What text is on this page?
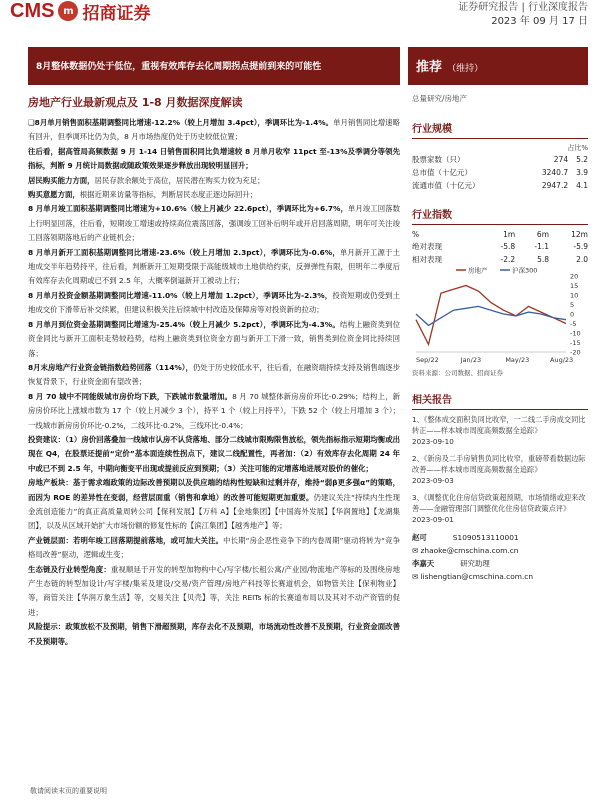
CMS m 招商证券	证券研究报告 | 行业深度报告
2023 年 09 月 17 日
8月整体数据仍处于低位，重视有效库存去化周期拐点提前到来的可能性	推荐 （维持）
房地产行业最新观点及 1-8 月数据深度解读

❑8月单月销售面积基期调整同比增速-12.2%（较上月增加 3.4pct），季调环比为-1.4%。单月销售同比增速略有回升，但季调环比仍为负，8 月市场热度仍处于历史较低位置；

往后看，据高管局高频数据 9 月 1-14 日销售面积同比负增速较 8 月单月收窄 11pct 至-13%及季调分等领先指标，判断 9 月统计局数据或随政策效果逐步释放出现较明显回升；

居民购买能力方面，居民存款余额处于高位，居民潜在购买力较为充足；

购买意愿方面，根据近期来访量等指标，判断居民态度正逐边际回升；

8 月单月竣工面积基期调整同比增速为+10.6%（较上月减少 22.6pct），季调环比为+6.7%，单月竣工回落数上行明显回落，往后看，短期竣工增速或持续高位震荡回落，强调竣工回补后明年或开启回落周期，明年可关注竣工回落领期落地后的产业链机会；

8 月单月新开工面积基期调整同比增速-23.6%（较上月增加 2.3pct），季调环比为-0.6%，单月新开工源于土地成交半年趋势持平，往后看，判断新开工短期受限于高能级城市土地供给约束，反弹弹性有限，但明年二季度后有效库存去化周期或已不到 2.5 年，大概率倒逼新开工被动上行；

8 月单月投资金额基期调整同比增速-11.0%（较上月增加 1.2pct），季调环比为-2.3%，投资短期或仍受到土地成交价下滑带后补交续累，但建议积极关注后续城中村改造及保障房等对投资新的拉动；

8 月单月到位资金基期调整同比增速为-25.4%（较上月减少 5.2pct），季调环比为-4.3%。结构上融资类到位资金同比与新开工面积走势较趋势，结构上融资类到位资金方面与新开工下滑一致，销售类到位资金同比持续回落；

8月末房地产行业资金链指数趋势回落（114%），仍处于历史较低水平，往后看，在融资端持续支持及销售端逐步恢复背景下，行业资金面有望改善；

8 月 70 城中不同能级城市房价均下跌，下跌城市数量增加。8 月 70 城整体新房房价环比-0.29%；结构上，新房房价环比上涨城市数为 17 个（较上月减少 3 个），持平 1 个（较上月持平），下跌 52 个（较上月增加 3 个）；一线城市新房房价环比-0.2%，二线环比-0.2%，三线环比-0.4%；

投资建议：（1）房价回落叠加一线城市认房不认贷落地、部分二线城市限购限售放松，领先指标指示短期均衡或出现在 Q4，在股票还提前“定价”基本面连续性拐点下，建议二线配置性，再者加：（2）有效库存去化周期 24 年中或已不到 2.5 年，中期向衡变平出现或提前反应到预期；（3）关注可能的定增落地进展对股价的催化；

房地产板块：基于需求端政策的边际改善预期以及供应端的结构性短缺和过剩并存，维持“弱β更多强α”的策略，而因为 ROE 的差异性在变弱，经营层面重（销售和拿地）的改善可能短期更加重要。仍建议关注“持续内生性现金流创造能力”的真正高质量周转公司【保利发展】【万科 A】【金地集团】【中国海外发展】【华润置地】【龙湖集团】，以及从区域开始扩大市场份额的修复性标的【滨江集团】【越秀地产】等；

产业链层面：若明年竣工回落期提前落地，或可加大关注。中长期“房企恶性竞争下的内卷周期”驱动将转为“竞争格局改善”驱动，逻辑或生变；

生态链及行业转型角度：重视顺延于开发的转型加物构中心/写字楼/长租公寓/产业园/物流地产等标的及围绕房地产生态链的转型加设计/写字楼/集采及建设/交易/资产管理/房地产科技等长赛道机会，如物管关注【保利物业】等，商管关注【华润万象生活】等，交易关注【贝壳】等，关注 REITs 标的长赛道布局以及其对不动产资管的促进；

风险提示：政策放松不及预期，销售下滑超预期，库存去化不及预期，市场流动性改善不及预期，行业资金面改善不及预期等。

总量研究/房地产
行业规模
占比%
股票家数（只）	274	5.2
总市值（十亿元）	3240.7	3.9
流通市值（十亿元）	2947.2	4.1
行业指数
%	1m	6m	12m
绝对表现	-5.8	-1.1	-5.9
相对表现	-2.2	5.8	2.0
20
15
10
5
0
-5
-10
-15
-20
Sep/22	Jan/23	May/23	Aug/23
房地产	沪深300
资料来源：公司数据、招商证券
相关报告
1、《整体成交面积负同比收窄，一二线二手房成交同比转正——样本城市周度高频数据全追踪》
2023-09-10
2、《新房及二手房销售负同比收窄，重磅带看数据边际改善——样本城市周度高频数据全追踪》
2023-09-03
3、《调整优化住房信贷政策超预期，市场情绪或迎来改善——金融管理部门调整优化住房信贷政策点评》
2023-09-01
赵可	S1090513110001
✉ zhaoke@cmschina.com.cn
李嘉天	研究助理
✉ lishengtian@cmschina.com.cn
敬请阅读末页的重要说明
